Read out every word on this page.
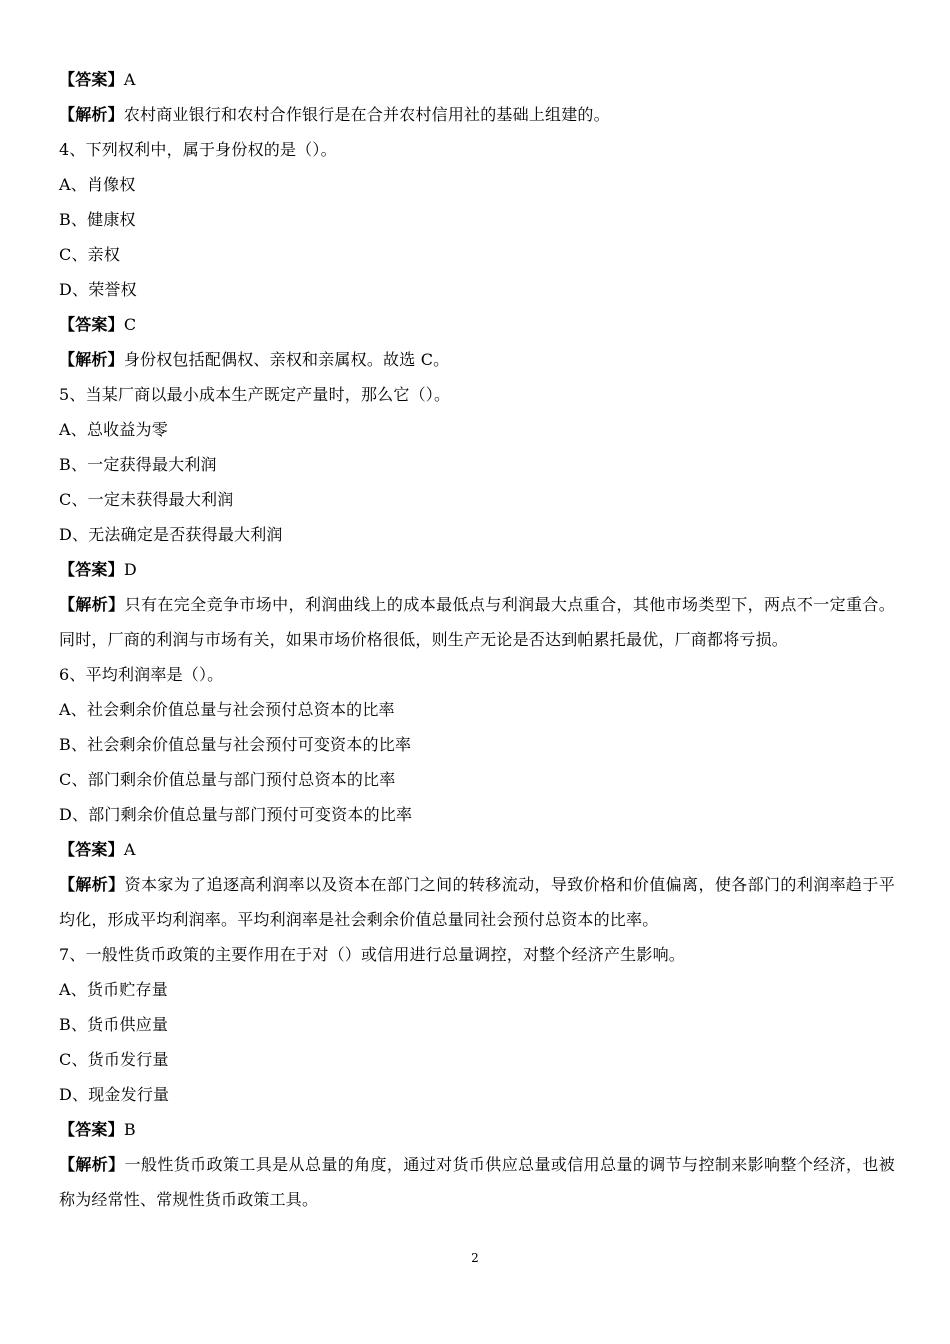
【答案】A
【解析】农村商业银行和农村合作银行是在合并农村信用社的基础上组建的。
4、下列权利中，属于身份权的是（）。
A、肖像权
B、健康权
C、亲权
D、荣誉权
【答案】C
【解析】身份权包括配偶权、亲权和亲属权。故选 C。
5、当某厂商以最小成本生产既定产量时，那么它（）。
A、总收益为零
B、一定获得最大利润
C、一定未获得最大利润
D、无法确定是否获得最大利润
【答案】D
【解析】只有在完全竞争市场中，利润曲线上的成本最低点与利润最大点重合，其他市场类型下，两点不一定重合。同时，厂商的利润与市场有关，如果市场价格很低，则生产无论是否达到帕累托最优，厂商都将亏损。
6、平均利润率是（）。
A、社会剩余价值总量与社会预付总资本的比率
B、社会剩余价值总量与社会预付可变资本的比率
C、部门剩余价值总量与部门预付总资本的比率
D、部门剩余价值总量与部门预付可变资本的比率
【答案】A
【解析】资本家为了追逐高利润率以及资本在部门之间的转移流动，导致价格和价值偏离，使各部门的利润率趋于平均化，形成平均利润率。平均利润率是社会剩余价值总量同社会预付总资本的比率。
7、一般性货币政策的主要作用在于对（）或信用进行总量调控，对整个经济产生影响。
A、货币贮存量
B、货币供应量
C、货币发行量
D、现金发行量
【答案】B
【解析】一般性货币政策工具是从总量的角度，通过对货币供应总量或信用总量的调节与控制来影响整个经济，也被称为经常性、常规性货币政策工具。
2
